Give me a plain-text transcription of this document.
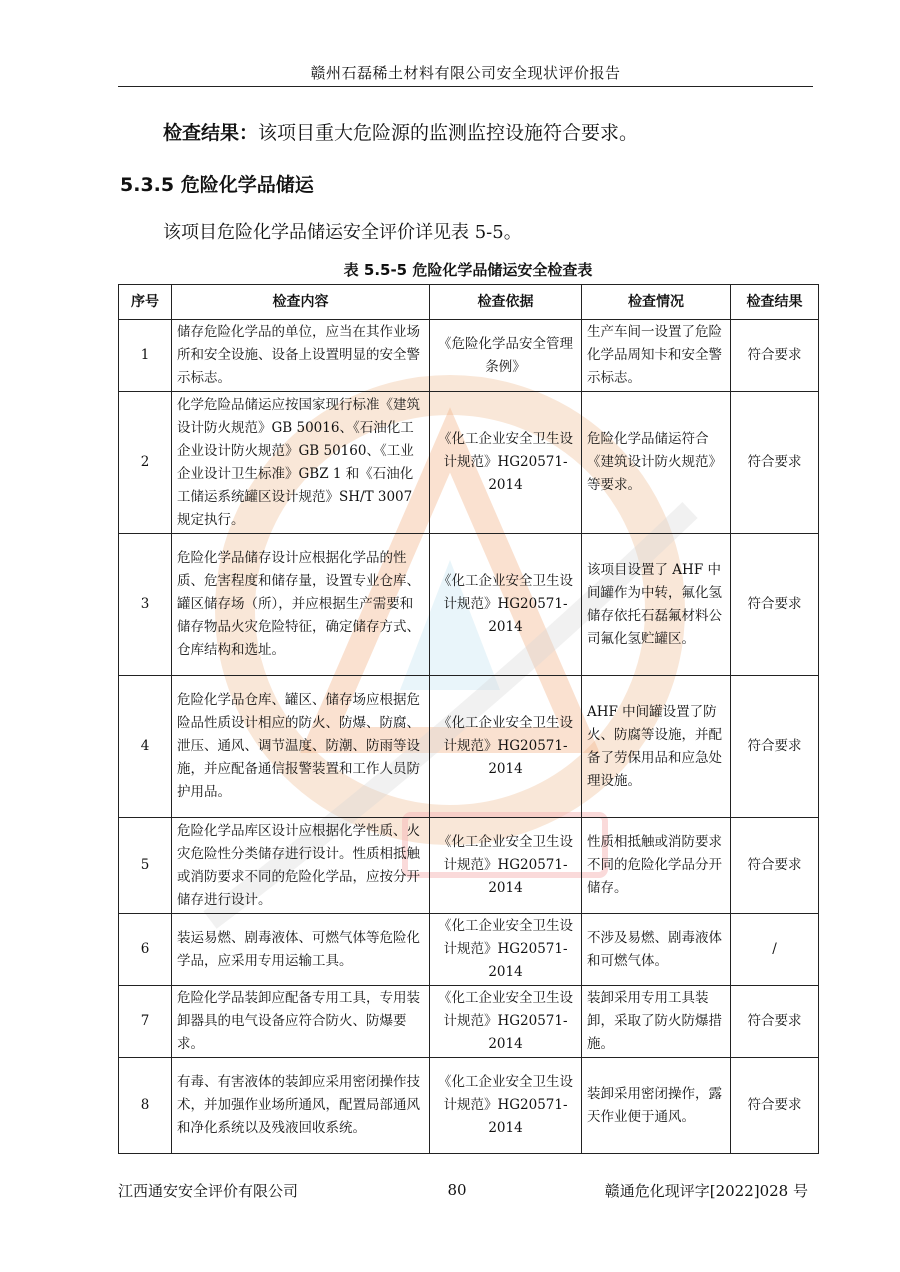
赣州石磊稀土材料有限公司安全现状评价报告
检查结果：该项目重大危险源的监测监控设施符合要求。
5.3.5 危险化学品储运
该项目危险化学品储运安全评价详见表 5-5。
表 5.5-5 危险化学品储运安全检查表
序号	检查内容	检查依据	检查情况	检查结果
1	储存危险化学品的单位，应当在其作业场所和安全设施、设备上设置明显的安全警示标志。	《危险化学品安全管理条例》	生产车间一设置了危险化学品周知卡和安全警示标志。	符合要求
2	化学危险品储运应按国家现行标准《建筑设计防火规范》GB 50016、《石油化工企业设计防火规范》GB 50160、《工业企业设计卫生标准》GBZ 1 和《石油化工储运系统罐区设计规范》SH/T 3007 规定执行。	《化工企业安全卫生设计规范》HG20571-2014	危险化学品储运符合《建筑设计防火规范》等要求。	符合要求
3	危险化学品储存设计应根据化学品的性质、危害程度和储存量，设置专业仓库、罐区储存场（所），并应根据生产需要和储存物品火灾危险特征，确定储存方式、仓库结构和选址。	《化工企业安全卫生设计规范》HG20571-2014	该项目设置了 AHF 中间罐作为中转，氟化氢储存依托石磊氟材料公司氟化氢贮罐区。	符合要求
4	危险化学品仓库、罐区、储存场应根据危险品性质设计相应的防火、防爆、防腐、泄压、通风、调节温度、防潮、防雨等设施，并应配备通信报警装置和工作人员防护用品。	《化工企业安全卫生设计规范》HG20571-2014	AHF 中间罐设置了防火、防腐等设施，并配备了劳保用品和应急处理设施。	符合要求
5	危险化学品库区设计应根据化学性质、火灾危险性分类储存进行设计。性质相抵触或消防要求不同的危险化学品，应按分开储存进行设计。	《化工企业安全卫生设计规范》HG20571-2014	性质相抵触或消防要求不同的危险化学品分开储存。	符合要求
6	装运易燃、剧毒液体、可燃气体等危险化学品，应采用专用运输工具。	《化工企业安全卫生设计规范》HG20571-2014	不涉及易燃、剧毒液体和可燃气体。	/
7	危险化学品装卸应配备专用工具，专用装卸器具的电气设备应符合防火、防爆要求。	《化工企业安全卫生设计规范》HG20571-2014	装卸采用专用工具装卸，采取了防火防爆措施。	符合要求
8	有毒、有害液体的装卸应采用密闭操作技术，并加强作业场所通风，配置局部通风和净化系统以及残液回收系统。	《化工企业安全卫生设计规范》HG20571-2014	装卸采用密闭操作，露天作业便于通风。	符合要求
江西通安安全评价有限公司	80	赣通危化现评字[2022]028 号
